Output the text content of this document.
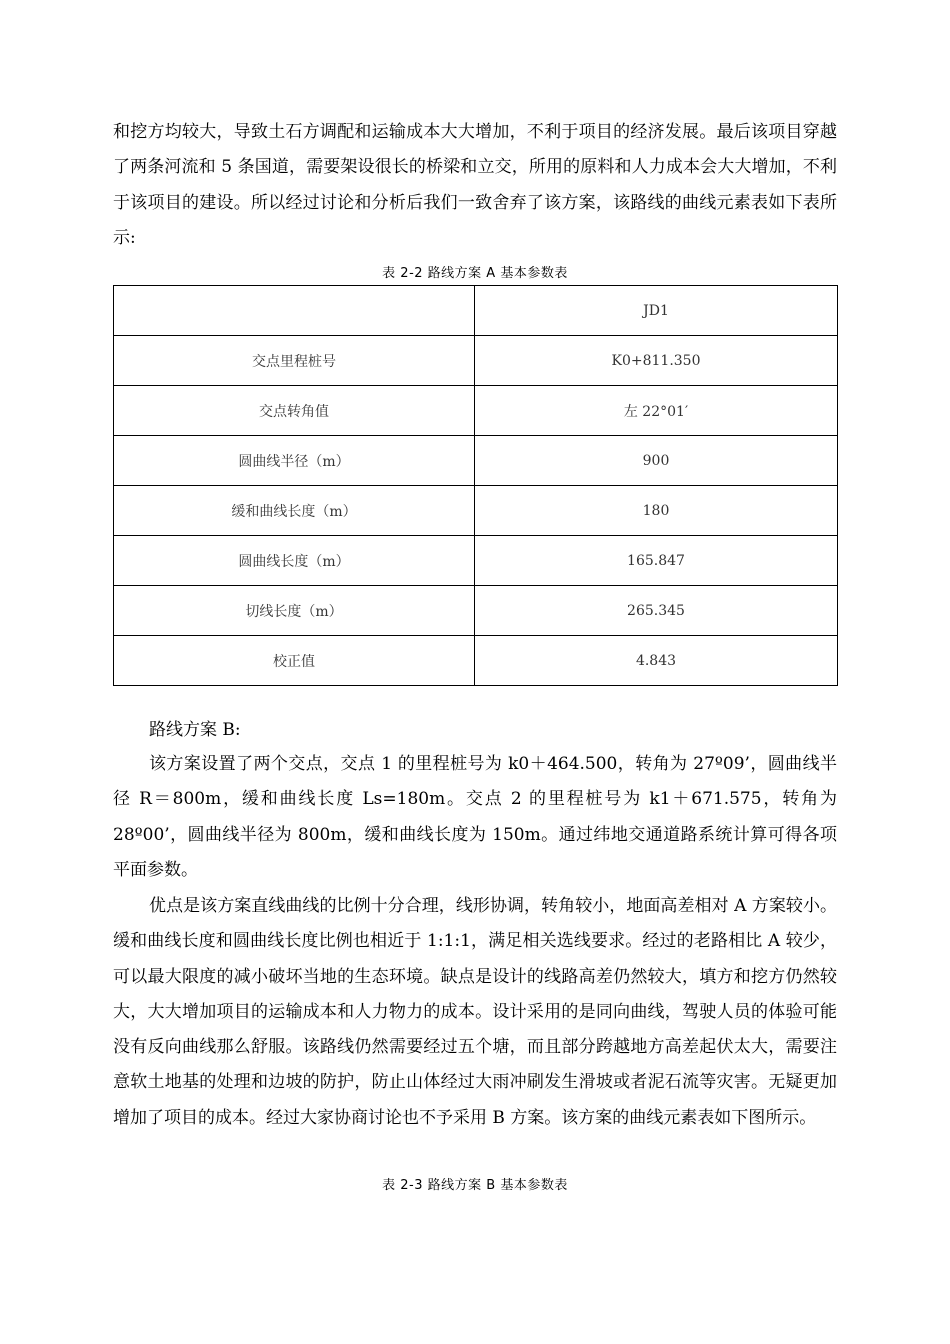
和挖方均较大，导致土石方调配和运输成本大大增加，不利于项目的经济发展。最后该项目穿越了两条河流和 5 条国道，需要架设很长的桥梁和立交，所用的原料和人力成本会大大增加，不利于该项目的建设。所以经过讨论和分析后我们一致舍弃了该方案，该路线的曲线元素表如下表所示:

表 2-2 路线方案 A 基本参数表
	JD1
交点里程桩号	K0+811.350
交点转角值	左 22°01′
圆曲线半径（m）	900
缓和曲线长度（m）	180
圆曲线长度（m）	165.847
切线长度（m）	265.345
校正值	4.843

路线方案 B:

该方案设置了两个交点，交点 1 的里程桩号为 k0＋464.500，转角为 27º09’，圆曲线半径 R＝800m，缓和曲线长度 Ls=180m。交点 2 的里程桩号为 k1＋671.575，转角为 28º00’，圆曲线半径为 800m，缓和曲线长度为 150m。通过纬地交通道路系统计算可得各项平面参数。

优点是该方案直线曲线的比例十分合理，线形协调，转角较小，地面高差相对 A 方案较小。缓和曲线长度和圆曲线长度比例也相近于 1:1:1，满足相关选线要求。经过的老路相比 A 较少，可以最大限度的减小破坏当地的生态环境。缺点是设计的线路高差仍然较大，填方和挖方仍然较大，大大增加项目的运输成本和人力物力的成本。设计采用的是同向曲线，驾驶人员的体验可能没有反向曲线那么舒服。该路线仍然需要经过五个塘，而且部分跨越地方高差起伏太大，需要注意软土地基的处理和边坡的防护，防止山体经过大雨冲刷发生滑坡或者泥石流等灾害。无疑更加增加了项目的成本。经过大家协商讨论也不予采用 B 方案。该方案的曲线元素表如下图所示。

表 2-3 路线方案 B 基本参数表
